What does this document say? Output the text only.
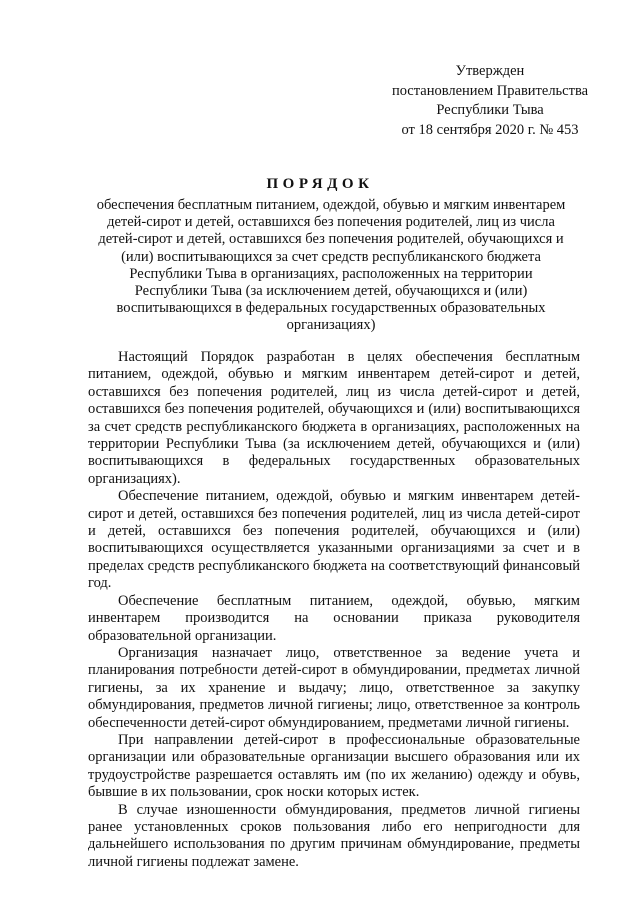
Утвержден
постановлением Правительства
Республики Тыва
от 18 сентября 2020 г. № 453
ПОРЯДОК
обеспечения бесплатным питанием, одеждой, обувью и мягким инвентарем детей-сирот и детей, оставшихся без попечения родителей, лиц из числа детей-сирот и детей, оставшихся без попечения родителей, обучающихся и (или) воспитывающихся за счет средств республиканского бюджета Республики Тыва в организациях, расположенных на территории Республики Тыва (за исключением детей, обучающихся и (или) воспитывающихся в федеральных государственных образовательных организациях)

Настоящий Порядок разработан в целях обеспечения бесплатным питанием, одеждой, обувью и мягким инвентарем детей-сирот и детей, оставшихся без попечения родителей, лиц из числа детей-сирот и детей, оставшихся без попечения родителей, обучающихся и (или) воспитывающихся за счет средств республиканского бюджета в организациях, расположенных на территории Республики Тыва (за исключением детей, обучающихся и (или) воспитывающихся в федеральных государственных образовательных организациях).

Обеспечение питанием, одеждой, обувью и мягким инвентарем детей-сирот и детей, оставшихся без попечения родителей, лиц из числа детей-сирот и детей, оставшихся без попечения родителей, обучающихся и (или) воспитывающихся осуществляется указанными организациями за счет и в пределах средств республиканского бюджета на соответствующий финансовый год.

Обеспечение бесплатным питанием, одеждой, обувью, мягким инвентарем производится на основании приказа руководителя образовательной организации.

Организация назначает лицо, ответственное за ведение учета и планирования потребности детей-сирот в обмундировании, предметах личной гигиены, за их хранение и выдачу; лицо, ответственное за закупку обмундирования, предметов личной гигиены; лицо, ответственное за контроль обеспеченности детей-сирот обмундированием, предметами личной гигиены.

При направлении детей-сирот в профессиональные образовательные организации или образовательные организации высшего образования или их трудоустройстве разрешается оставлять им (по их желанию) одежду и обувь, бывшие в их пользовании, срок носки которых истек.

В случае изношенности обмундирования, предметов личной гигиены ранее установленных сроков пользования либо его непригодности для дальнейшего использования по другим причинам обмундирование, предметы личной гигиены подлежат замене.
